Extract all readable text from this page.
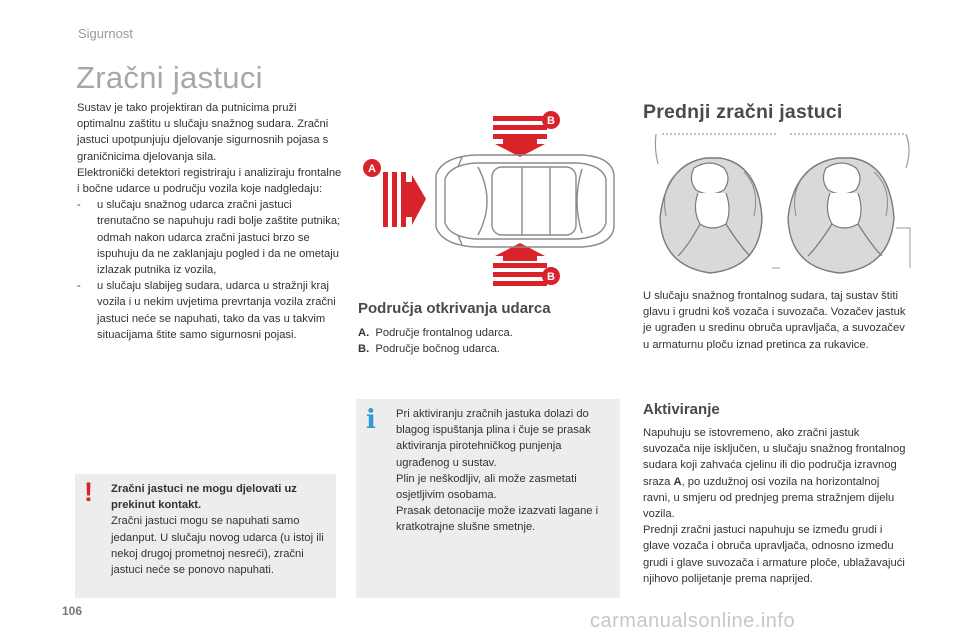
Sigurnost
Zračni jastuci

Sustav je tako projektiran da putnicima pruži optimalnu zaštitu u slučaju snažnog sudara. Zračni jastuci upotpunjuju djelovanje sigurnosnih pojasa s graničnicima djelovanja sila.

Elektronički detektori registriraju i analiziraju frontalne i bočne udarce u području vozila koje nadgledaju:

- u slučaju snažnog udarca zračni jastuci trenutačno se napuhuju radi bolje zaštite putnika; odmah nakon udarca zračni jastuci brzo se ispuhuju da ne zaklanjaju pogled i da ne ometaju izlazak putnika iz vozila,
- u slučaju slabijeg sudara, udarca u stražnji kraj vozila i u nekim uvjetima prevrtanja vozila zračni jastuci neće se napuhati, tako da vas u takvim situacijama štite samo sigurnosni pojasi.
A
B
B
Područja otkrivanja udarca
A. Područje frontalnog udarca.
B. Područje bočnog udarca.
i Pri aktiviranju zračnih jastuka dolazi do blagog ispuštanja plina i čuje se prasak aktiviranja pirotehničkog punjenja ugrađenog u sustav.
Plin je neškodljiv, ali može zasmetati osjetljivim osobama.
Prasak detonacije može izazvati lagane i kratkotrajne slušne smetnje.
! Zračni jastuci ne mogu djelovati uz prekinut kontakt.
Zračni jastuci mogu se napuhati samo jedanput. U slučaju novog udarca (u istoj ili nekoj drugoj prometnoj nesreći), zračni jastuci neće se ponovo napuhati.
Prednji zračni jastuci
U slučaju snažnog frontalnog sudara, taj sustav štiti glavu i grudni koš vozača i suvozača. Vozačev jastuk je ugrađen u sredinu obruča upravljača, a suvozačev u armaturnu ploču iznad pretinca za rukavice.
Aktiviranje

Napuhuju se istovremeno, ako zračni jastuk suvozača nije isključen, u slučaju snažnog frontalnog sudara koji zahvaća cjelinu ili dio područja izravnog sraza A, po uzdužnoj osi vozila na horizontalnoj ravni, u smjeru od prednjeg prema stražnjem dijelu vozila.

Prednji zračni jastuci napuhuju se između grudi i glave vozača i obruča upravljača, odnosno između grudi i glave suvozača i armature ploče, ublažavajući njihovo polijetanje prema naprijed.

106	carmanualsonline.info
